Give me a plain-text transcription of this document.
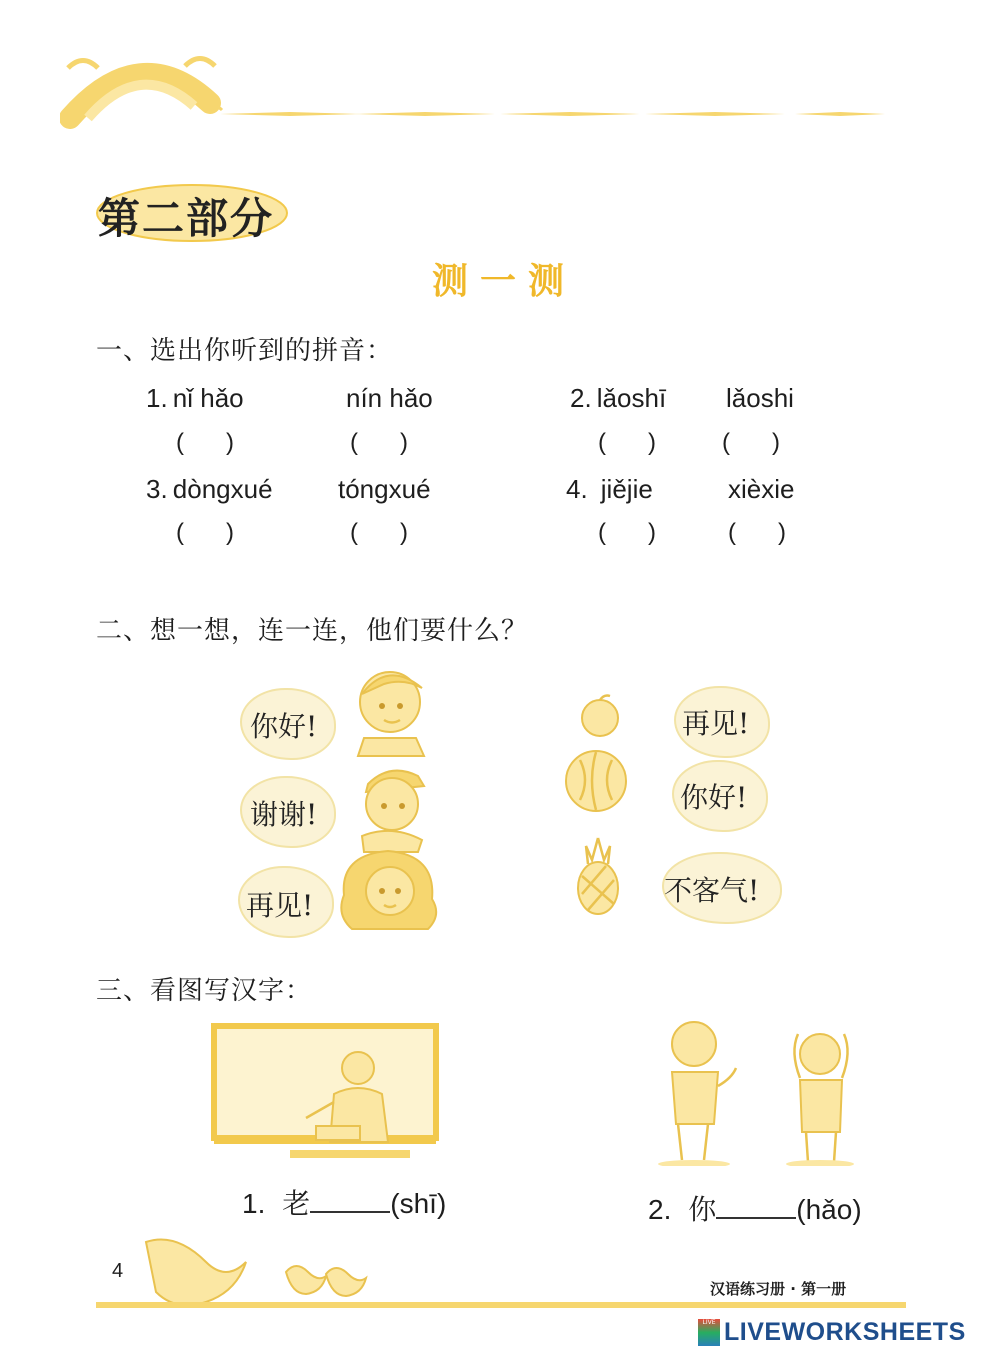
第二部分
测一测
一、选出你听到的拼音：
1. nǐ hǎo	nín hǎo	2. lǎoshī lǎoshi
( )	( )	( )	( )
3. dòngxué	tóngxué	4. jiějie	xièxie
( )	( )	( )	( )
二、想一想，连一连，他们要什么？
你好!
谢谢!
再见!
再见!
你好!
不客气!
三、看图写汉字：
1. 老	(shī)	2. 你	(hǎo)
4
汉语练习册 · 第一册
LIVE LIVEWORKSHEETS
